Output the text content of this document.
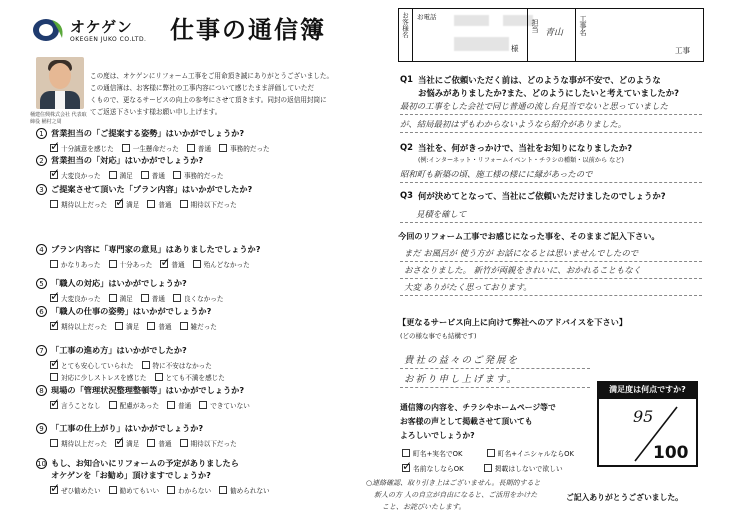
オケゲン
OKEGEN JUKO CO.LTD. 仕事の通信簿
桶建住興株式会社 代表取締役 桶村之周
この度は、オケゲンにリフォーム工事をご用命頂き誠にありがとうございました。
この通信簿は、お客様に弊社の工事内容について感じたまま評価していただ
くもので、更なるサービスの向上の参考にさせて頂きます。同封の返信用封筒に
てご返送下さいます様お願い申し上げます。
1 営業担当の「ご提案する姿勢」はいかがでしょうか?
✓ 十分誠意を感じた	一生懸命だった	普通	事務的だった
2 営業担当の「対応」はいかがでしょうか?
✓ 大変良かった	満足	普通	事務的だった
3 ご提案させて頂いた「プラン内容」はいかがでしたか?
期待以上だった ✓ 満足	普通	期待以下だった
4 プラン内容に「専門家の意見」はありましたでしょうか?
かなりあった	十分あった ✓ 普通	殆んどなかった
5 「職人の対応」はいかがでしょうか?
✓ 大変良かった	満足	普通	良くなかった
6 「職人の仕事の姿勢」はいかがでしょうか?
✓ 期待以上だった	満足	普通	雑だった
7 「工事の進め方」はいかがでしたか?
✓ とても安心していられた	特に不安はなかった
対応に少しストレスを感じた	とても不満を感じた
8 現場の「管理状況整理整頓等」はいかがでしょうか?
✓ 言うことなし	配慮があった	普通	できていない
9 「工事の仕上がり」はいかがでしょうか?
期待以上だった ✓ 満足	普通	期待以下だった
10 もし、お知合いにリフォームの予定がありましたら
オケゲンを「お勧め」頂けますでしょうか?
✓ ぜひ勧めたい	勧めてもいい	わからない	勧められない
お客様名 お電話
様
担当 青山 工事名
工事
Q1 当社にご依頼いただく前は、どのような事が不安で、どのような
お悩みがありましたか?また、どのようにしたいと考えていましたか?
最初の工事をした会社で同じ普通の流し台見当でないと思っていました
が、結局最初はずもわからないようなら紹介がありました。
Q2 当社を、何がきっかけで、当社をお知りになりましたか?
(例:インターネット・リフォームイベント・チラシの種類・以前から など)
昭和町も新築の頃、施工様の様にに縁があったので
Q3 何が決めてとなって、当社にご依頼いただけましたのでしょうか?
見積を確して
今回のリフォーム工事でお感じになった事を、そのままご記入下さい。
まだ お風呂が 使う方が お話になるとは思いませんでしたので
おさなりました。 新竹が両親をきれいに、おかれることもなく
大変 ありがたく思っております。
【更なるサービス向上に向けて弊社へのアドバイスを下さい】
(どの様な事でも結構です)
貴社の益々のご発展を
お祈り申し上げます。
通信簿の内容を、チラシやホームページ等で
お客様の声として掲載させて頂いても
よろしいでしょうか?
町名+実名でOK	町名+イニシャルならOK
✓ 名前なしならOK	掲載はしないで欲しい
満足度は何点ですか?
95
100
○連絡確認、取り引き上はございません。長期的すると
新人の方 人の自立が自由になると、ご活用をかけた
こと、お詫びいたします。
ご記入ありがとうございました。
